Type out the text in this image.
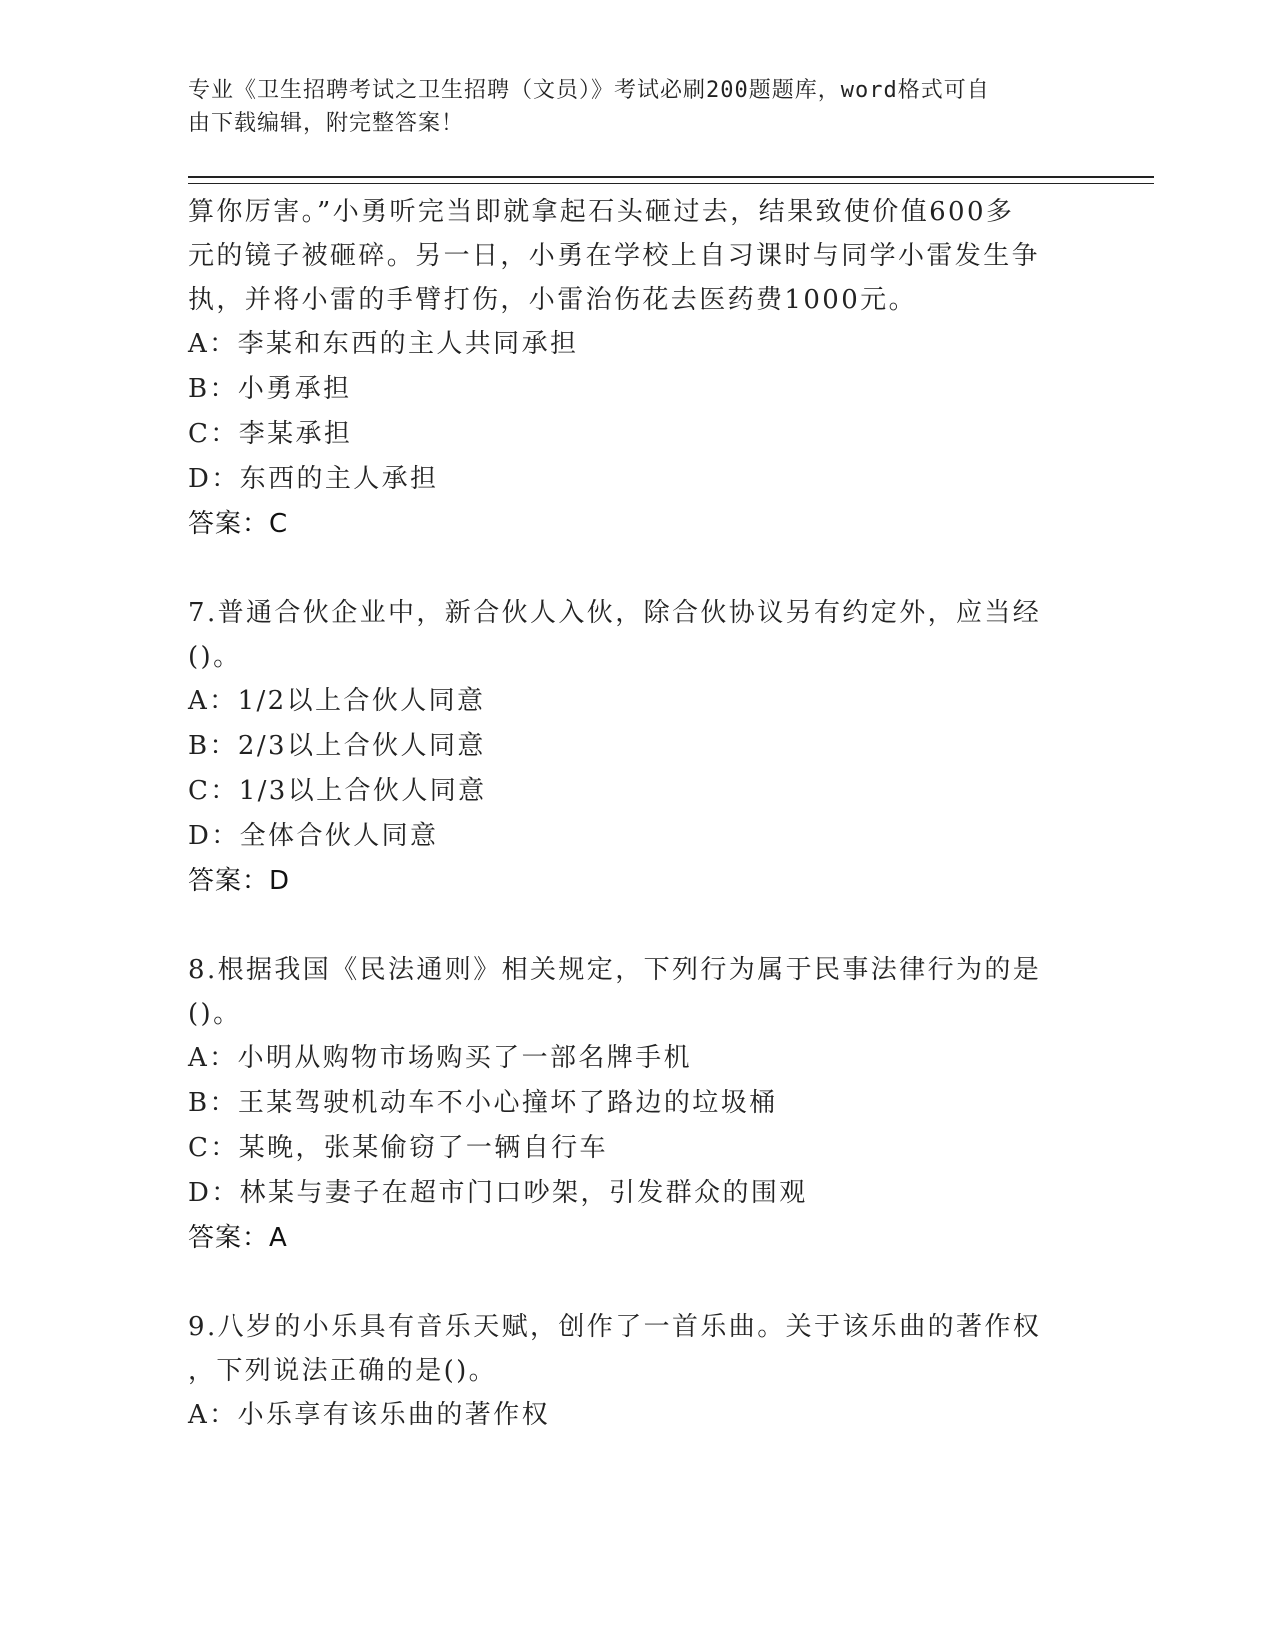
专业《卫生招聘考试之卫生招聘（文员）》考试必刷200题题库，word格式可自
由下载编辑，附完整答案！
算你厉害。”小勇听完当即就拿起石头砸过去，结果致使价值600多
元的镜子被砸碎。另一日，小勇在学校上自习课时与同学小雷发生争
执，并将小雷的手臂打伤，小雷治伤花去医药费1000元。
A：李某和东西的主人共同承担
B：小勇承担
C：李某承担
D：东西的主人承担
答案：C
7.普通合伙企业中，新合伙人入伙，除合伙协议另有约定外，应当经
()。
A：1/2以上合伙人同意
B：2/3以上合伙人同意
C：1/3以上合伙人同意
D：全体合伙人同意
答案：D
8.根据我国《民法通则》相关规定，下列行为属于民事法律行为的是
()。
A：小明从购物市场购买了一部名牌手机
B：王某驾驶机动车不小心撞坏了路边的垃圾桶
C：某晚，张某偷窃了一辆自行车
D：林某与妻子在超市门口吵架，引发群众的围观
答案：A
9.八岁的小乐具有音乐天赋，创作了一首乐曲。关于该乐曲的著作权
，下列说法正确的是()。
A：小乐享有该乐曲的著作权
